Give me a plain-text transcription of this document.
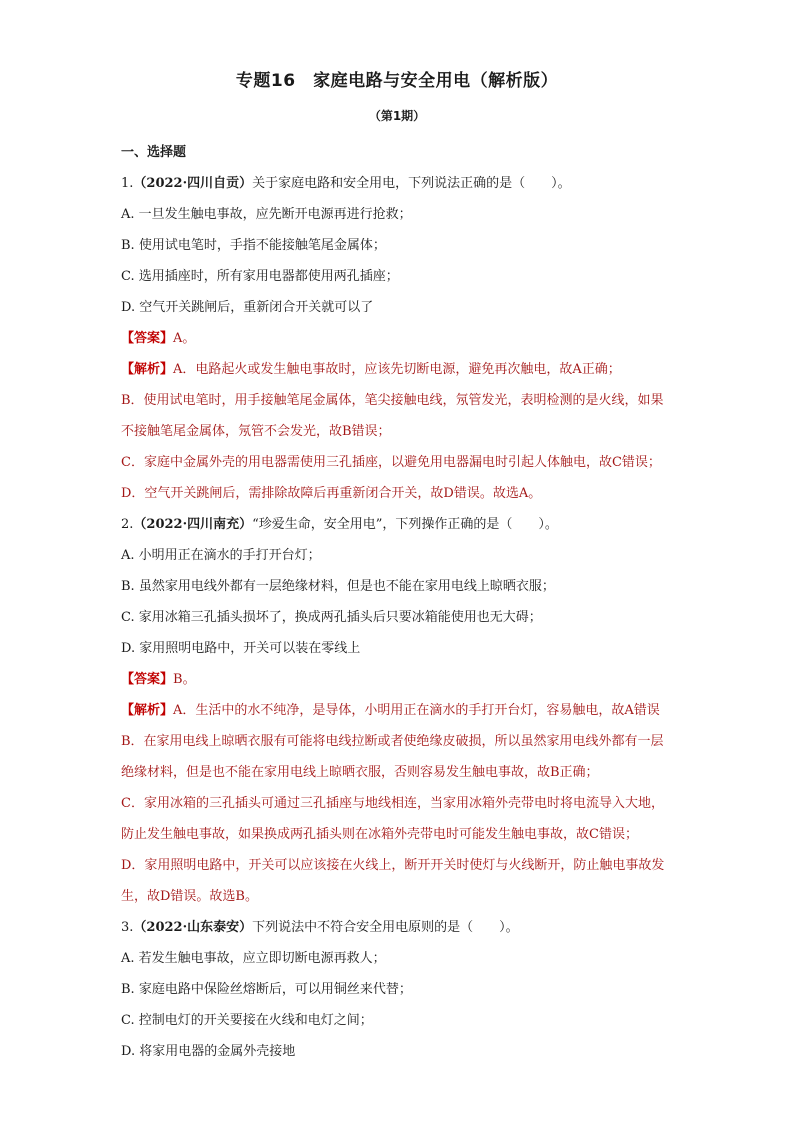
专题16　家庭电路与安全用电（解析版）
（第1期）
一、选择题

1.（2022·四川自贡）关于家庭电路和安全用电，下列说法正确的是（　　）。

A. 一旦发生触电事故，应先断开电源再进行抢救；

B. 使用试电笔时，手指不能接触笔尾金属体；

C. 选用插座时，所有家用电器都使用两孔插座；

D. 空气开关跳闸后，重新闭合开关就可以了

【答案】A。

【解析】A．电路起火或发生触电事故时，应该先切断电源，避免再次触电，故A正确；

B．使用试电笔时，用手接触笔尾金属体，笔尖接触电线，氖管发光，表明检测的是火线，如果

不接触笔尾金属体，氖管不会发光，故B错误；

C．家庭中金属外壳的用电器需使用三孔插座，以避免用电器漏电时引起人体触电，故C错误；

D．空气开关跳闸后，需排除故障后再重新闭合开关，故D错误。故选A。

2.（2022·四川南充）“珍爱生命，安全用电”，下列操作正确的是（　　）。

A. 小明用正在滴水的手打开台灯；

B. 虽然家用电线外都有一层绝缘材料，但是也不能在家用电线上晾晒衣服；

C. 家用冰箱三孔插头损坏了，换成两孔插头后只要冰箱能使用也无大碍；

D. 家用照明电路中，开关可以装在零线上

【答案】B。

【解析】A．生活中的水不纯净，是导体，小明用正在滴水的手打开台灯，容易触电，故A错误

B．在家用电线上晾晒衣服有可能将电线拉断或者使绝缘皮破损，所以虽然家用电线外都有一层

绝缘材料，但是也不能在家用电线上晾晒衣服，否则容易发生触电事故，故B正确；

C．家用冰箱的三孔插头可通过三孔插座与地线相连，当家用冰箱外壳带电时将电流导入大地，

防止发生触电事故，如果换成两孔插头则在冰箱外壳带电时可能发生触电事故，故C错误；

D．家用照明电路中，开关可以应该接在火线上，断开开关时使灯与火线断开，防止触电事故发

生，故D错误。故选B。

3.（2022·山东泰安）下列说法中不符合安全用电原则的是（　　）。

A. 若发生触电事故，应立即切断电源再救人；

B. 家庭电路中保险丝熔断后，可以用铜丝来代替；

C. 控制电灯的开关要接在火线和电灯之间；

D. 将家用电器的金属外壳接地
